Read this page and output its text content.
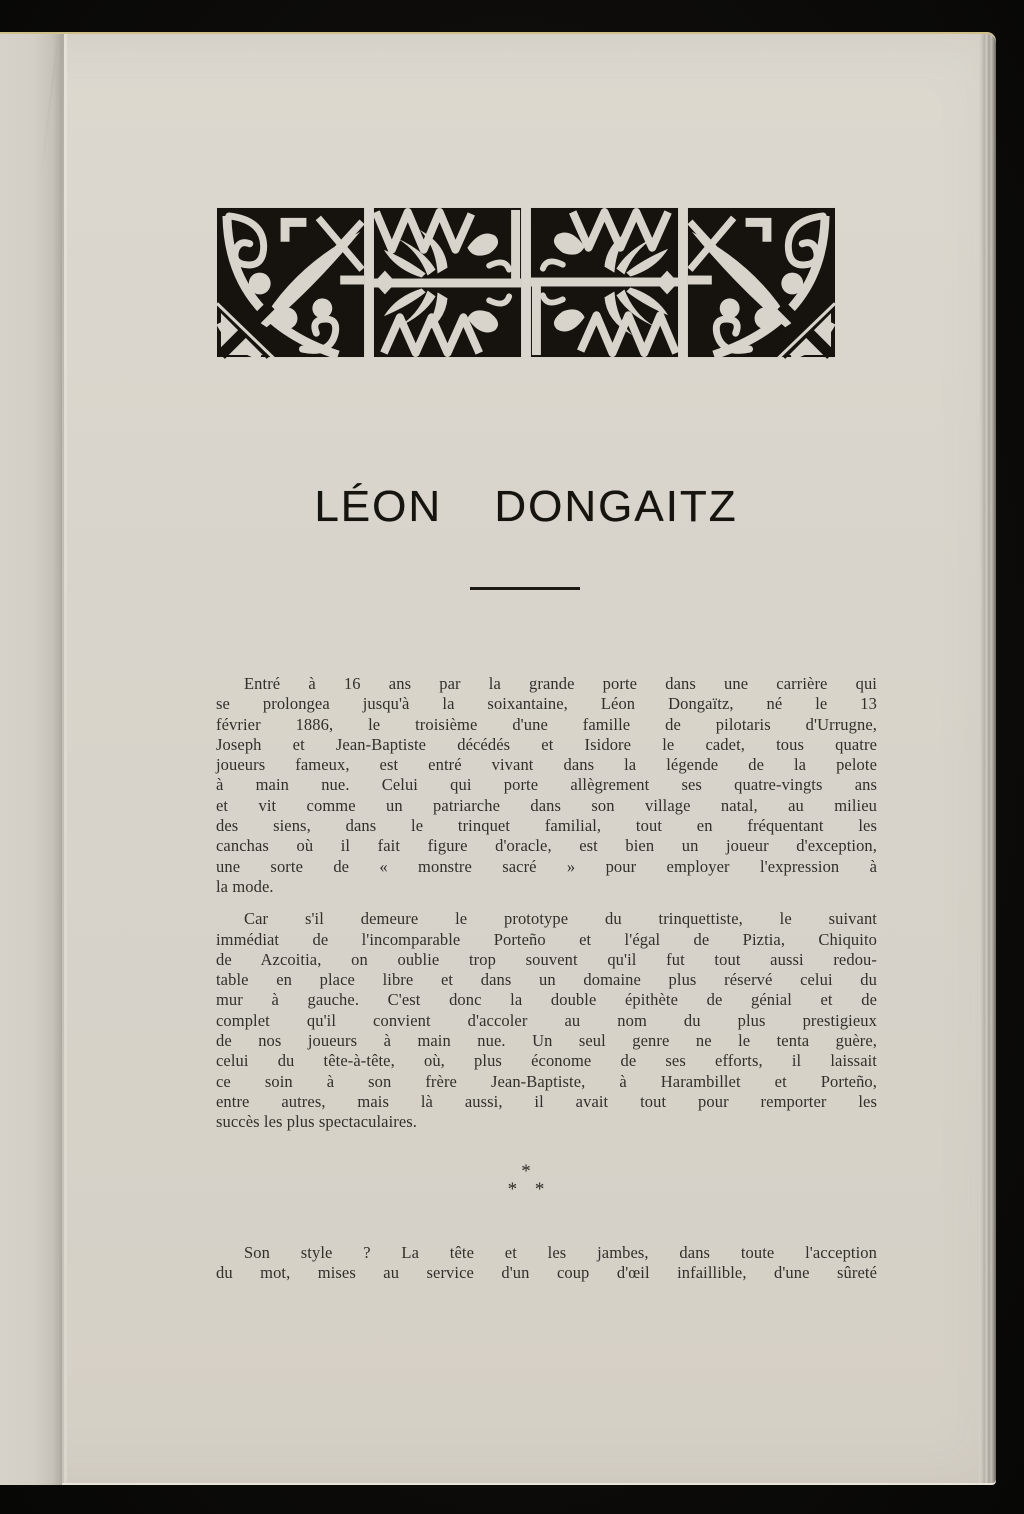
LÉON DONGAITZ
Entré à 16 ans par la grande porte dans une carrière qui
se prolongea jusqu'à la soixantaine, Léon Dongaïtz, né le 13
février 1886, le troisième d'une famille de pilotaris d'Urrugne,
Joseph et Jean-Baptiste décédés et Isidore le cadet, tous quatre
joueurs fameux, est entré vivant dans la légende de la pelote
à main nue. Celui qui porte allègrement ses quatre-vingts ans
et vit comme un patriarche dans son village natal, au milieu
des siens, dans le trinquet familial, tout en fréquentant les
canchas où il fait figure d'oracle, est bien un joueur d'exception,
une sorte de « monstre sacré » pour employer l'expression à
la mode.
Car s'il demeure le prototype du trinquettiste, le suivant
immédiat de l'incomparable Porteño et l'égal de Piztia, Chiquito
de Azcoitia, on oublie trop souvent qu'il fut tout aussi redou-
table en place libre et dans un domaine plus réservé celui du
mur à gauche. C'est donc la double épithète de génial et de
complet qu'il convient d'accoler au nom du plus prestigieux
de nos joueurs à main nue. Un seul genre ne le tenta guère,
celui du tête-à-tête, où, plus économe de ses efforts, il laissait
ce soin à son frère Jean-Baptiste, à Harambillet et Porteño,
entre autres, mais là aussi, il avait tout pour remporter les
succès les plus spectaculaires.
*
* *
Son style ? La tête et les jambes, dans toute l'acception
du mot, mises au service d'un coup d'œil infaillible, d'une sûreté
